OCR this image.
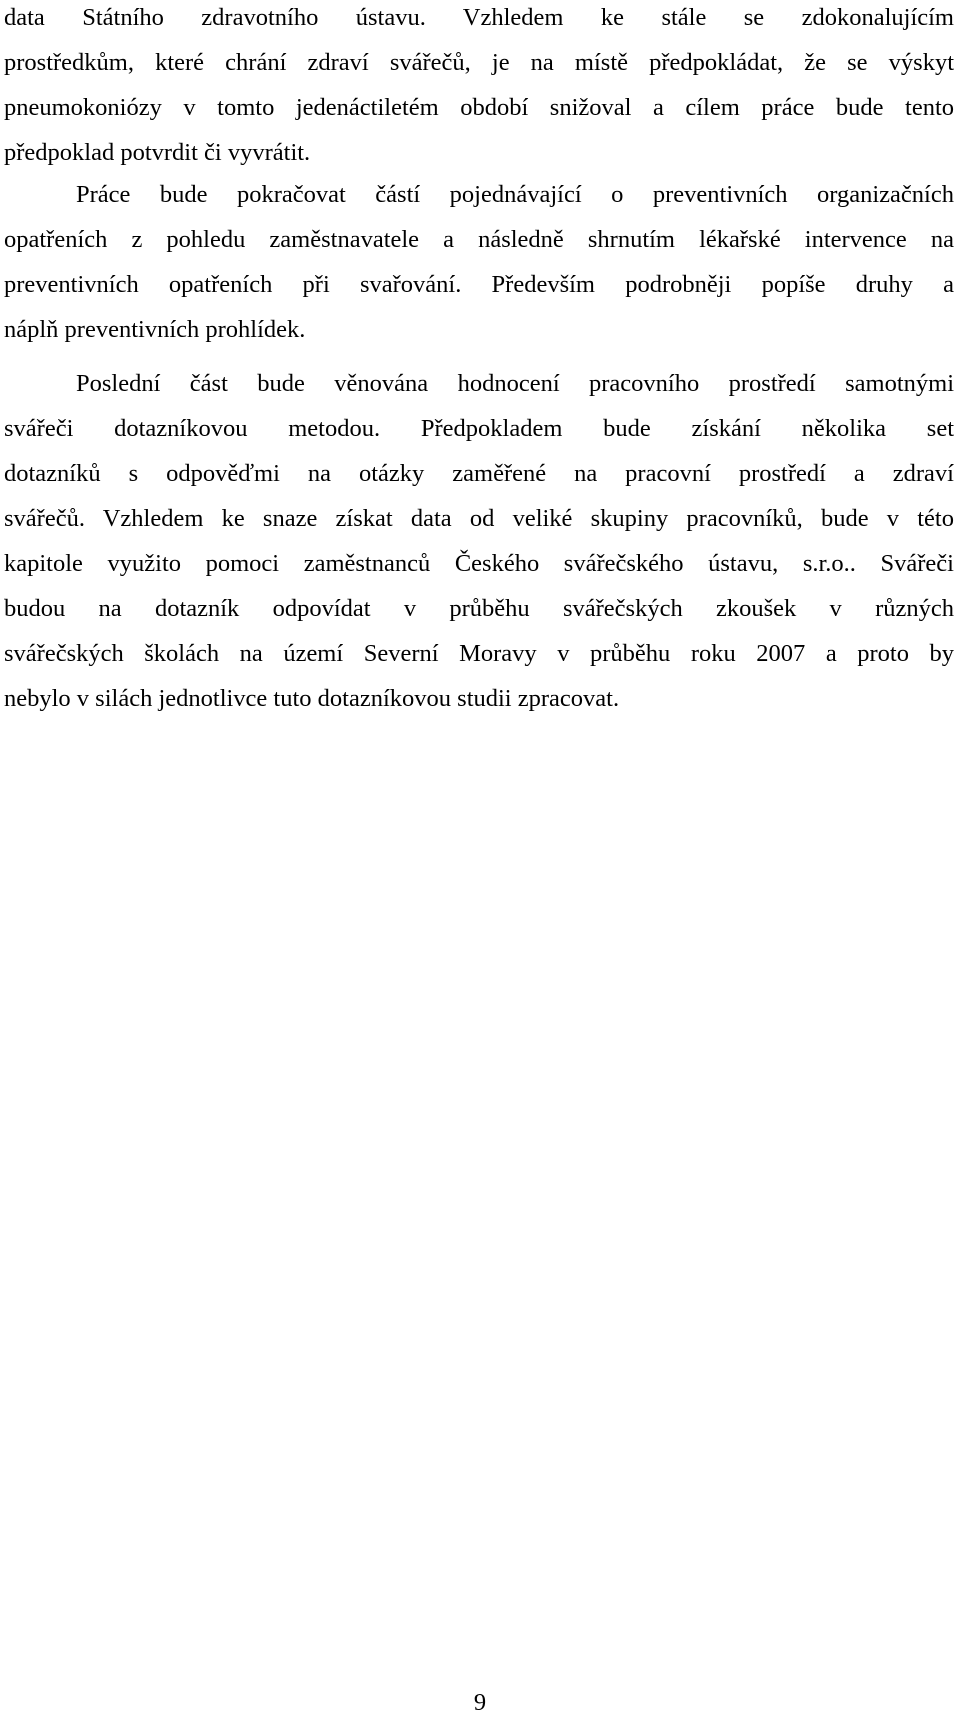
data Státního zdravotního ústavu. Vzhledem ke stále se zdokonalujícím
prostředkům, které chrání zdraví svářečů, je na místě předpokládat, že se výskyt
pneumokoniózy v tomto jedenáctiletém období snižoval a cílem práce bude tento
předpoklad potvrdit či vyvrátit.
Práce bude pokračovat částí pojednávající o preventivních organizačních
opatřeních z pohledu zaměstnavatele a následně shrnutím lékařské intervence na
preventivních opatřeních při svařování. Především podrobněji popíše druhy a
náplň preventivních prohlídek.
Poslední část bude věnována hodnocení pracovního prostředí samotnými
svářeči dotazníkovou metodou. Předpokladem bude získání několika set
dotazníků s odpověďmi na otázky zaměřené na pracovní prostředí a zdraví
svářečů. Vzhledem ke snaze získat data od veliké skupiny pracovníků, bude v této
kapitole využito pomoci zaměstnanců Českého svářečského ústavu, s.r.o.. Svářeči
budou na dotazník odpovídat v průběhu svářečských zkoušek v různých
svářečských školách na území Severní Moravy v průběhu roku 2007 a proto by
nebylo v silách jednotlivce tuto dotazníkovou studii zpracovat.
9
